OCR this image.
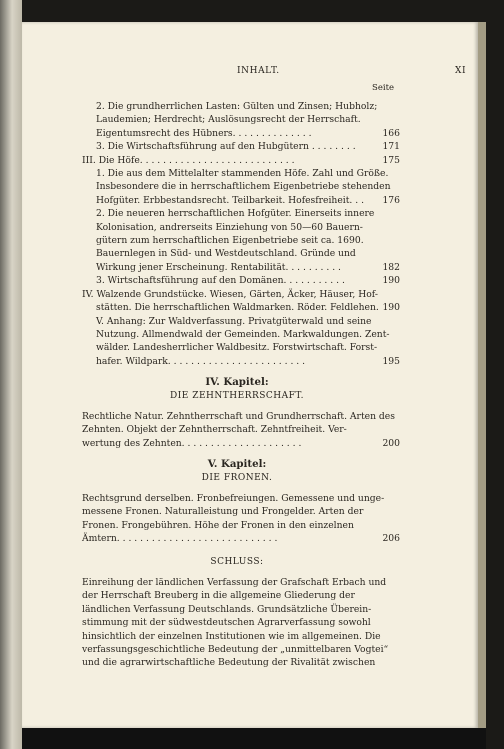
INHALT.	XI
Seite
2. Die grundherrlichen Lasten: Gülten und Zinsen; Hubholz;
Laudemien; Herdrecht; Auslösungsrecht der Herrschaft.
Eigentumsrecht des Hübners. . . . . . . . . . . . . .	166
3. Die Wirtschaftsführung auf den Hubgütern . . . . . . . .	171
III. Die Höfe. . . . . . . . . . . . . . . . . . . . . . . . . . .	175
1. Die aus dem Mittelalter stammenden Höfe. Zahl und Größe.
Insbesondere die in herrschaftlichem Eigenbetriebe stehenden
Hofgüter. Erbbestandsrecht. Teilbarkeit. Hofesfreiheit. . . 176
2. Die neueren herrschaftlichen Hofgüter. Einerseits innere
Kolonisation, andrerseits Einziehung von 50—60 Bauern-
gütern zum herrschaftlichen Eigenbetriebe seit ca. 1690.
Bauernlegen in Süd- und Westdeutschland. Gründe und
Wirkung jener Erscheinung. Rentabilität. . . . . . . . . .	182
3. Wirtschaftsführung auf den Domänen. . . . . . . . . . .	190
IV. Walzende Grundstücke. Wiesen, Gärten, Äcker, Häuser, Hof-
stätten. Die herrschaftlichen Waldmarken. Röder. Feldlehen. 190
V. Anhang: Zur Waldverfassung. Privatgüterwald und seine
Nutzung. Allmendwald der Gemeinden. Markwaldungen. Zent-
wälder. Landesherrlicher Waldbesitz. Forstwirtschaft. Forst-
hafer. Wildpark. . . . . . . . . . . . . . . . . . . . . . . .	195
IV. Kapitel:
DIE ZEHNTHERRSCHAFT.
Rechtliche Natur. Zehntherrschaft und Grundherrschaft. Arten des
Zehnten. Objekt der Zehntherrschaft. Zehntfreiheit. Ver-
wertung des Zehnten. . . . . . . . . . . . . . . . . . . . .	200
V. Kapitel:
DIE FRONEN.
Rechtsgrund derselben. Fronbefreiungen. Gemessene und unge-
messene Fronen. Naturalleistung und Frongelder. Arten der
Fronen. Frongebühren. Höhe der Fronen in den einzelnen
Ämtern. . . . . . . . . . . . . . . . . . . . . . . . . . . .	206
SCHLUSS:
Einreihung der ländlichen Verfassung der Grafschaft Erbach und
der Herrschaft Breuberg in die allgemeine Gliederung der
ländlichen Verfassung Deutschlands. Grundsätzliche Überein-
stimmung mit der südwestdeutschen Agrarverfassung sowohl
hinsichtlich der einzelnen Institutionen wie im allgemeinen. Die
verfassungsgeschichtliche Bedeutung der „unmittelbaren Vogtei“
und die agrarwirtschaftliche Bedeutung der Rivalität zwischen
